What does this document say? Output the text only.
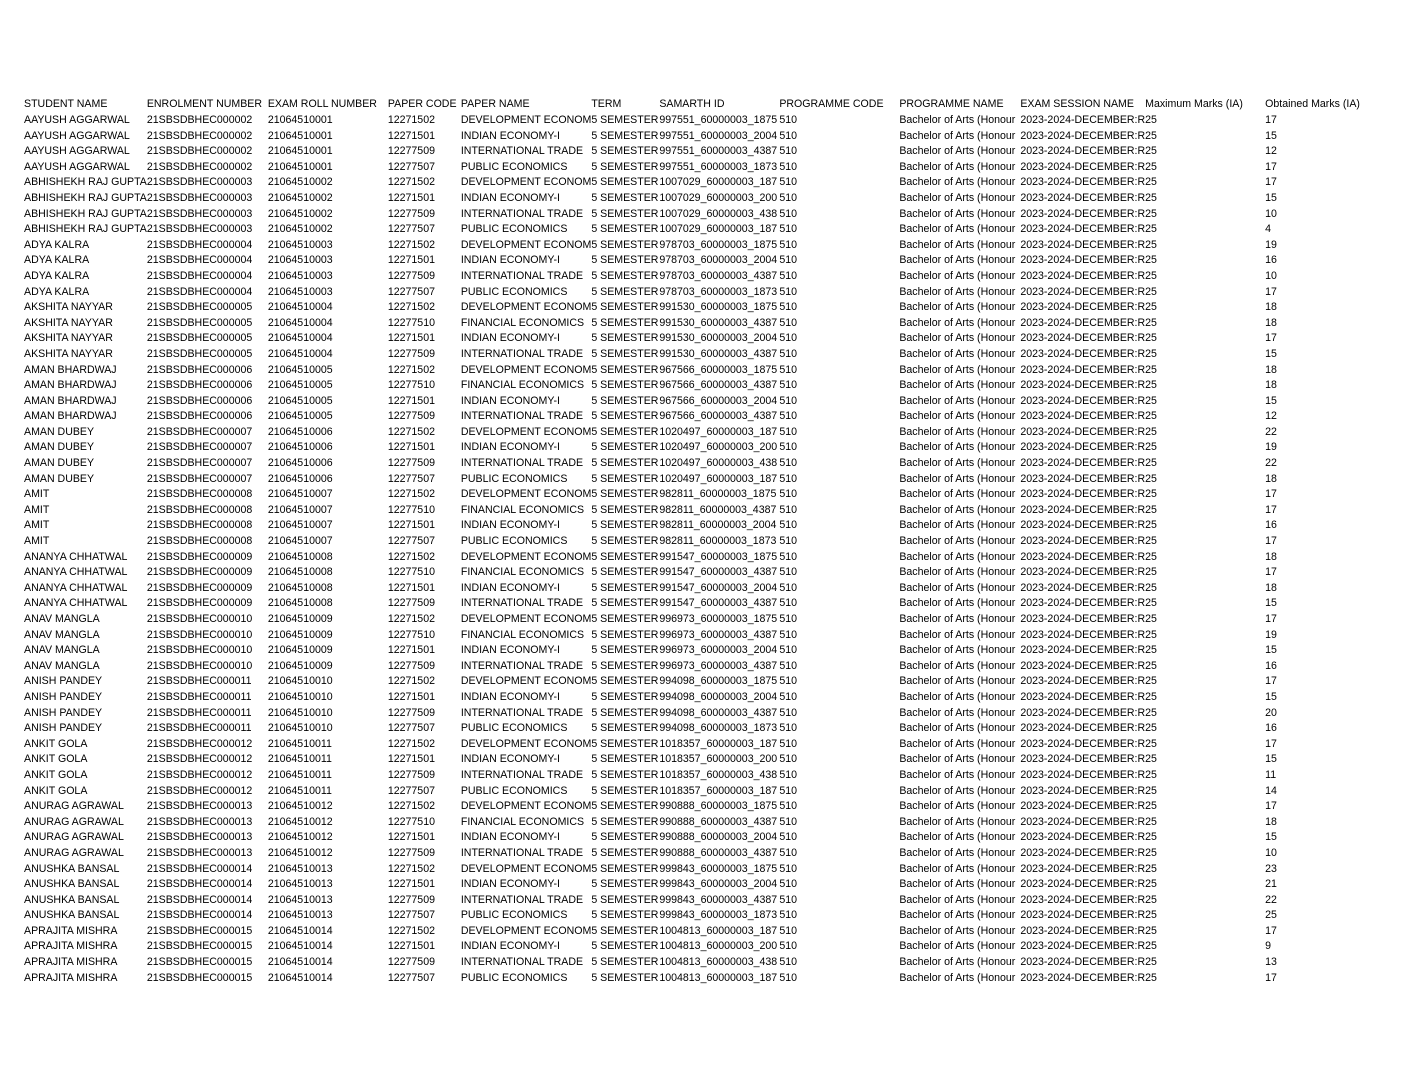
STUDENT NAME	ENROLMENT NUMBER	EXAM ROLL NUMBER	PAPER CODE	PAPER NAME	TERM	SAMARTH ID	PROGRAMME CODE	PROGRAMME NAME	EXAM SESSION NAME	Maximum Marks (IA)	Obtained Marks (IA)
AAYUSH AGGARWAL	21SBSDBHEC000002	21064510001	12271502	DEVELOPMENT ECONOM	5 SEMESTER	997551_60000003_1875	510	Bachelor of Arts (Honour	2023-2024-DECEMBER:R	25	17
AAYUSH AGGARWAL	21SBSDBHEC000002	21064510001	12271501	INDIAN ECONOMY-I	5 SEMESTER	997551_60000003_2004	510	Bachelor of Arts (Honour	2023-2024-DECEMBER:R	25	15
AAYUSH AGGARWAL	21SBSDBHEC000002	21064510001	12277509	INTERNATIONAL TRADE	5 SEMESTER	997551_60000003_4387	510	Bachelor of Arts (Honour	2023-2024-DECEMBER:R	25	12
AAYUSH AGGARWAL	21SBSDBHEC000002	21064510001	12277507	PUBLIC ECONOMICS	5 SEMESTER	997551_60000003_1873	510	Bachelor of Arts (Honour	2023-2024-DECEMBER:R	25	17
ABHISHEKH RAJ GUPTA	21SBSDBHEC000003	21064510002	12271502	DEVELOPMENT ECONOM	5 SEMESTER	1007029_60000003_187	510	Bachelor of Arts (Honour	2023-2024-DECEMBER:R	25	17
ABHISHEKH RAJ GUPTA	21SBSDBHEC000003	21064510002	12271501	INDIAN ECONOMY-I	5 SEMESTER	1007029_60000003_200	510	Bachelor of Arts (Honour	2023-2024-DECEMBER:R	25	15
ABHISHEKH RAJ GUPTA	21SBSDBHEC000003	21064510002	12277509	INTERNATIONAL TRADE	5 SEMESTER	1007029_60000003_438	510	Bachelor of Arts (Honour	2023-2024-DECEMBER:R	25	10
ABHISHEKH RAJ GUPTA	21SBSDBHEC000003	21064510002	12277507	PUBLIC ECONOMICS	5 SEMESTER	1007029_60000003_187	510	Bachelor of Arts (Honour	2023-2024-DECEMBER:R	25	4
ADYA KALRA	21SBSDBHEC000004	21064510003	12271502	DEVELOPMENT ECONOM	5 SEMESTER	978703_60000003_1875	510	Bachelor of Arts (Honour	2023-2024-DECEMBER:R	25	19
ADYA KALRA	21SBSDBHEC000004	21064510003	12271501	INDIAN ECONOMY-I	5 SEMESTER	978703_60000003_2004	510	Bachelor of Arts (Honour	2023-2024-DECEMBER:R	25	16
ADYA KALRA	21SBSDBHEC000004	21064510003	12277509	INTERNATIONAL TRADE	5 SEMESTER	978703_60000003_4387	510	Bachelor of Arts (Honour	2023-2024-DECEMBER:R	25	10
ADYA KALRA	21SBSDBHEC000004	21064510003	12277507	PUBLIC ECONOMICS	5 SEMESTER	978703_60000003_1873	510	Bachelor of Arts (Honour	2023-2024-DECEMBER:R	25	17
AKSHITA NAYYAR	21SBSDBHEC000005	21064510004	12271502	DEVELOPMENT ECONOM	5 SEMESTER	991530_60000003_1875	510	Bachelor of Arts (Honour	2023-2024-DECEMBER:R	25	18
AKSHITA NAYYAR	21SBSDBHEC000005	21064510004	12277510	FINANCIAL ECONOMICS	5 SEMESTER	991530_60000003_4387	510	Bachelor of Arts (Honour	2023-2024-DECEMBER:R	25	18
AKSHITA NAYYAR	21SBSDBHEC000005	21064510004	12271501	INDIAN ECONOMY-I	5 SEMESTER	991530_60000003_2004	510	Bachelor of Arts (Honour	2023-2024-DECEMBER:R	25	17
AKSHITA NAYYAR	21SBSDBHEC000005	21064510004	12277509	INTERNATIONAL TRADE	5 SEMESTER	991530_60000003_4387	510	Bachelor of Arts (Honour	2023-2024-DECEMBER:R	25	15
AMAN BHARDWAJ	21SBSDBHEC000006	21064510005	12271502	DEVELOPMENT ECONOM	5 SEMESTER	967566_60000003_1875	510	Bachelor of Arts (Honour	2023-2024-DECEMBER:R	25	18
AMAN BHARDWAJ	21SBSDBHEC000006	21064510005	12277510	FINANCIAL ECONOMICS	5 SEMESTER	967566_60000003_4387	510	Bachelor of Arts (Honour	2023-2024-DECEMBER:R	25	18
AMAN BHARDWAJ	21SBSDBHEC000006	21064510005	12271501	INDIAN ECONOMY-I	5 SEMESTER	967566_60000003_2004	510	Bachelor of Arts (Honour	2023-2024-DECEMBER:R	25	15
AMAN BHARDWAJ	21SBSDBHEC000006	21064510005	12277509	INTERNATIONAL TRADE	5 SEMESTER	967566_60000003_4387	510	Bachelor of Arts (Honour	2023-2024-DECEMBER:R	25	12
AMAN DUBEY	21SBSDBHEC000007	21064510006	12271502	DEVELOPMENT ECONOM	5 SEMESTER	1020497_60000003_187	510	Bachelor of Arts (Honour	2023-2024-DECEMBER:R	25	22
AMAN DUBEY	21SBSDBHEC000007	21064510006	12271501	INDIAN ECONOMY-I	5 SEMESTER	1020497_60000003_200	510	Bachelor of Arts (Honour	2023-2024-DECEMBER:R	25	19
AMAN DUBEY	21SBSDBHEC000007	21064510006	12277509	INTERNATIONAL TRADE	5 SEMESTER	1020497_60000003_438	510	Bachelor of Arts (Honour	2023-2024-DECEMBER:R	25	22
AMAN DUBEY	21SBSDBHEC000007	21064510006	12277507	PUBLIC ECONOMICS	5 SEMESTER	1020497_60000003_187	510	Bachelor of Arts (Honour	2023-2024-DECEMBER:R	25	18
AMIT	21SBSDBHEC000008	21064510007	12271502	DEVELOPMENT ECONOM	5 SEMESTER	982811_60000003_1875	510	Bachelor of Arts (Honour	2023-2024-DECEMBER:R	25	17
AMIT	21SBSDBHEC000008	21064510007	12277510	FINANCIAL ECONOMICS	5 SEMESTER	982811_60000003_4387	510	Bachelor of Arts (Honour	2023-2024-DECEMBER:R	25	17
AMIT	21SBSDBHEC000008	21064510007	12271501	INDIAN ECONOMY-I	5 SEMESTER	982811_60000003_2004	510	Bachelor of Arts (Honour	2023-2024-DECEMBER:R	25	16
AMIT	21SBSDBHEC000008	21064510007	12277507	PUBLIC ECONOMICS	5 SEMESTER	982811_60000003_1873	510	Bachelor of Arts (Honour	2023-2024-DECEMBER:R	25	17
ANANYA CHHATWAL	21SBSDBHEC000009	21064510008	12271502	DEVELOPMENT ECONOM	5 SEMESTER	991547_60000003_1875	510	Bachelor of Arts (Honour	2023-2024-DECEMBER:R	25	18
ANANYA CHHATWAL	21SBSDBHEC000009	21064510008	12277510	FINANCIAL ECONOMICS	5 SEMESTER	991547_60000003_4387	510	Bachelor of Arts (Honour	2023-2024-DECEMBER:R	25	17
ANANYA CHHATWAL	21SBSDBHEC000009	21064510008	12271501	INDIAN ECONOMY-I	5 SEMESTER	991547_60000003_2004	510	Bachelor of Arts (Honour	2023-2024-DECEMBER:R	25	18
ANANYA CHHATWAL	21SBSDBHEC000009	21064510008	12277509	INTERNATIONAL TRADE	5 SEMESTER	991547_60000003_4387	510	Bachelor of Arts (Honour	2023-2024-DECEMBER:R	25	15
ANAV MANGLA	21SBSDBHEC000010	21064510009	12271502	DEVELOPMENT ECONOM	5 SEMESTER	996973_60000003_1875	510	Bachelor of Arts (Honour	2023-2024-DECEMBER:R	25	17
ANAV MANGLA	21SBSDBHEC000010	21064510009	12277510	FINANCIAL ECONOMICS	5 SEMESTER	996973_60000003_4387	510	Bachelor of Arts (Honour	2023-2024-DECEMBER:R	25	19
ANAV MANGLA	21SBSDBHEC000010	21064510009	12271501	INDIAN ECONOMY-I	5 SEMESTER	996973_60000003_2004	510	Bachelor of Arts (Honour	2023-2024-DECEMBER:R	25	15
ANAV MANGLA	21SBSDBHEC000010	21064510009	12277509	INTERNATIONAL TRADE	5 SEMESTER	996973_60000003_4387	510	Bachelor of Arts (Honour	2023-2024-DECEMBER:R	25	16
ANISH PANDEY	21SBSDBHEC000011	21064510010	12271502	DEVELOPMENT ECONOM	5 SEMESTER	994098_60000003_1875	510	Bachelor of Arts (Honour	2023-2024-DECEMBER:R	25	17
ANISH PANDEY	21SBSDBHEC000011	21064510010	12271501	INDIAN ECONOMY-I	5 SEMESTER	994098_60000003_2004	510	Bachelor of Arts (Honour	2023-2024-DECEMBER:R	25	15
ANISH PANDEY	21SBSDBHEC000011	21064510010	12277509	INTERNATIONAL TRADE	5 SEMESTER	994098_60000003_4387	510	Bachelor of Arts (Honour	2023-2024-DECEMBER:R	25	20
ANISH PANDEY	21SBSDBHEC000011	21064510010	12277507	PUBLIC ECONOMICS	5 SEMESTER	994098_60000003_1873	510	Bachelor of Arts (Honour	2023-2024-DECEMBER:R	25	16
ANKIT GOLA	21SBSDBHEC000012	21064510011	12271502	DEVELOPMENT ECONOM	5 SEMESTER	1018357_60000003_187	510	Bachelor of Arts (Honour	2023-2024-DECEMBER:R	25	17
ANKIT GOLA	21SBSDBHEC000012	21064510011	12271501	INDIAN ECONOMY-I	5 SEMESTER	1018357_60000003_200	510	Bachelor of Arts (Honour	2023-2024-DECEMBER:R	25	15
ANKIT GOLA	21SBSDBHEC000012	21064510011	12277509	INTERNATIONAL TRADE	5 SEMESTER	1018357_60000003_438	510	Bachelor of Arts (Honour	2023-2024-DECEMBER:R	25	11
ANKIT GOLA	21SBSDBHEC000012	21064510011	12277507	PUBLIC ECONOMICS	5 SEMESTER	1018357_60000003_187	510	Bachelor of Arts (Honour	2023-2024-DECEMBER:R	25	14
ANURAG AGRAWAL	21SBSDBHEC000013	21064510012	12271502	DEVELOPMENT ECONOM	5 SEMESTER	990888_60000003_1875	510	Bachelor of Arts (Honour	2023-2024-DECEMBER:R	25	17
ANURAG AGRAWAL	21SBSDBHEC000013	21064510012	12277510	FINANCIAL ECONOMICS	5 SEMESTER	990888_60000003_4387	510	Bachelor of Arts (Honour	2023-2024-DECEMBER:R	25	18
ANURAG AGRAWAL	21SBSDBHEC000013	21064510012	12271501	INDIAN ECONOMY-I	5 SEMESTER	990888_60000003_2004	510	Bachelor of Arts (Honour	2023-2024-DECEMBER:R	25	15
ANURAG AGRAWAL	21SBSDBHEC000013	21064510012	12277509	INTERNATIONAL TRADE	5 SEMESTER	990888_60000003_4387	510	Bachelor of Arts (Honour	2023-2024-DECEMBER:R	25	10
ANUSHKA BANSAL	21SBSDBHEC000014	21064510013	12271502	DEVELOPMENT ECONOM	5 SEMESTER	999843_60000003_1875	510	Bachelor of Arts (Honour	2023-2024-DECEMBER:R	25	23
ANUSHKA BANSAL	21SBSDBHEC000014	21064510013	12271501	INDIAN ECONOMY-I	5 SEMESTER	999843_60000003_2004	510	Bachelor of Arts (Honour	2023-2024-DECEMBER:R	25	21
ANUSHKA BANSAL	21SBSDBHEC000014	21064510013	12277509	INTERNATIONAL TRADE	5 SEMESTER	999843_60000003_4387	510	Bachelor of Arts (Honour	2023-2024-DECEMBER:R	25	22
ANUSHKA BANSAL	21SBSDBHEC000014	21064510013	12277507	PUBLIC ECONOMICS	5 SEMESTER	999843_60000003_1873	510	Bachelor of Arts (Honour	2023-2024-DECEMBER:R	25	25
APRAJITA MISHRA	21SBSDBHEC000015	21064510014	12271502	DEVELOPMENT ECONOM	5 SEMESTER	1004813_60000003_187	510	Bachelor of Arts (Honour	2023-2024-DECEMBER:R	25	17
APRAJITA MISHRA	21SBSDBHEC000015	21064510014	12271501	INDIAN ECONOMY-I	5 SEMESTER	1004813_60000003_200	510	Bachelor of Arts (Honour	2023-2024-DECEMBER:R	25	9
APRAJITA MISHRA	21SBSDBHEC000015	21064510014	12277509	INTERNATIONAL TRADE	5 SEMESTER	1004813_60000003_438	510	Bachelor of Arts (Honour	2023-2024-DECEMBER:R	25	13
APRAJITA MISHRA	21SBSDBHEC000015	21064510014	12277507	PUBLIC ECONOMICS	5 SEMESTER	1004813_60000003_187	510	Bachelor of Arts (Honour	2023-2024-DECEMBER:R	25	17
